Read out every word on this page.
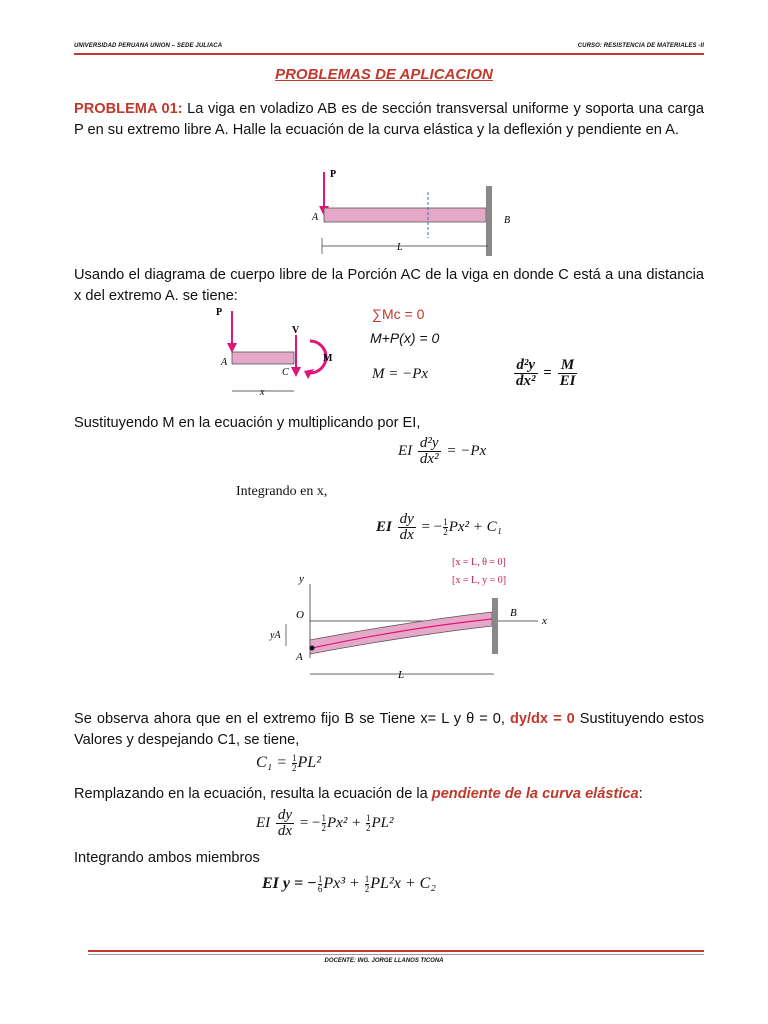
UNIVERSIDAD PERUANA UNION – SEDE JULIACA	CURSO: RESISTENCIA DE MATERIALES -II
PROBLEMAS DE APLICACION
PROBLEMA 01: La viga en voladizo AB es de sección transversal uniforme y soporta una carga P en su extremo libre A. Halle la ecuación de la curva elástica y la deflexión y pendiente en A.
P
A	B
L
Usando el diagrama de cuerpo libre de la Porción AC de la viga en donde C está a una distancia x del extremo A. se tiene:
P
V
M
A
C
x
∑Mc = 0
M+P(x) = 0
M = −Px	$\frac{\text{d²y}}{\text{dx²}} = \frac{M}{EI}$
Sustituyendo M en la ecuación y multiplicando por EI,
EI $\frac{\text{d²y}}{\text{dx²}} = -Px$
Integrando en x,
EI $\frac{dy}{dx}$ = − $\frac{1}{2} Px^2 + C_1$
[x = L, θ = 0]
[x = L, y = 0]
y
x
O	B
yA
A
L
Se observa ahora que en el extremo fijo B se Tiene x= L y θ = 0, dy/dx = 0 Sustituyendo estos Valores y despejando C1, se tiene,
$C_1 = \frac{1}{2} PL^2$
Remplazando en la ecuación, resulta la ecuación de la pendiente de la curva elástica:
EI $\frac{dy}{dx}$ = − $\frac{1}{2} Px^2 + \frac{1}{2} PL^2$
Integrando ambos miembros
EI y = − $\frac{1}{6} Px^3 + \frac{1}{2} PL^2x + C_2$
DOCENTE: ING. JORGE LLANOS TICONA
